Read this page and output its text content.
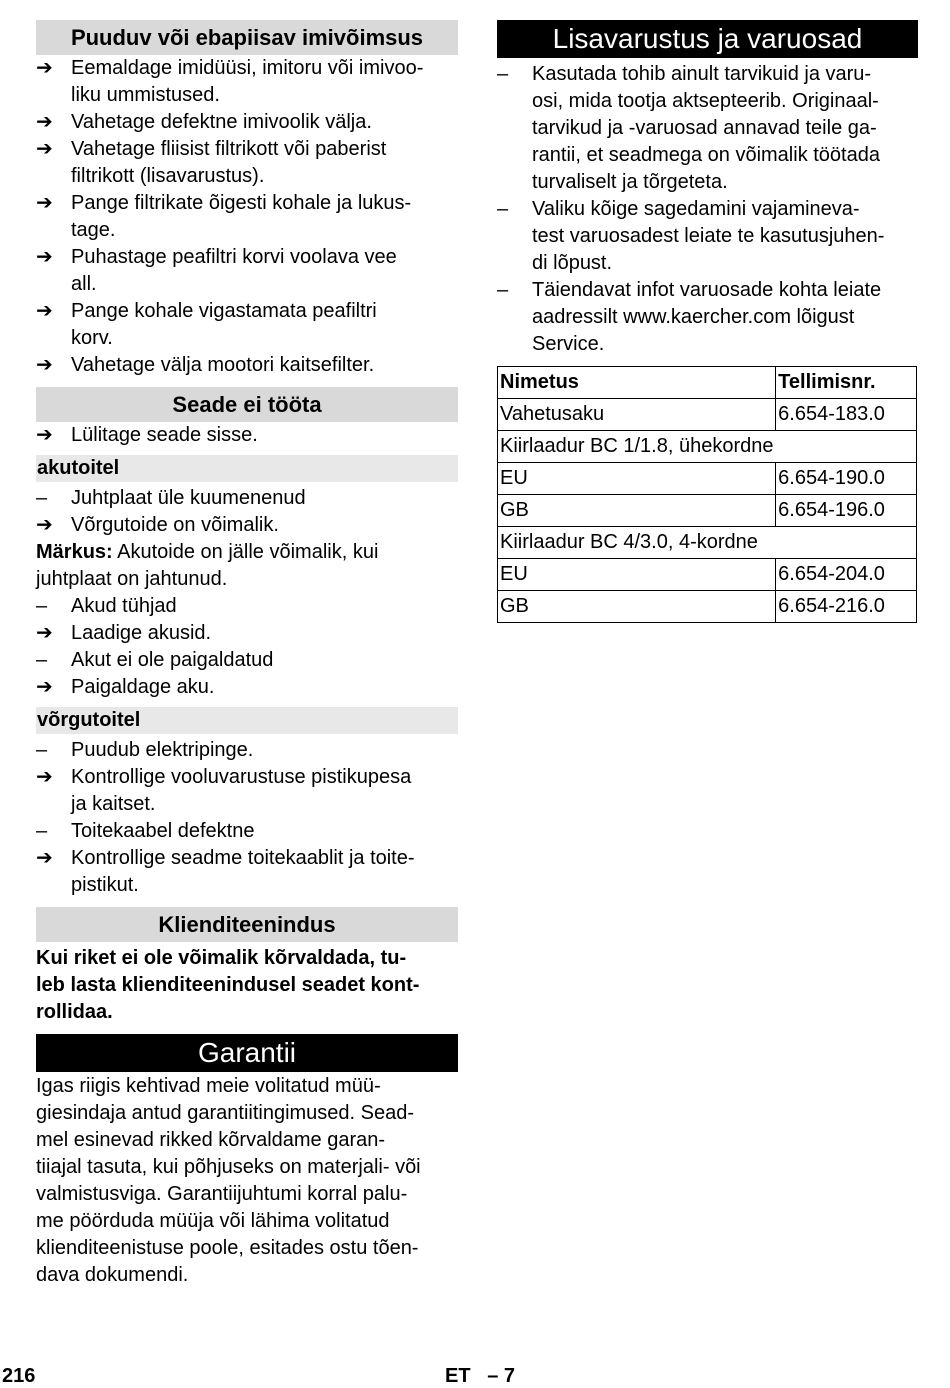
Puuduv või ebapiisav imivõimsus
➔ Eemaldage imidüüsi, imitoru või imivoo-
liku ummistused.
➔ Vahetage defektne imivoolik välja.
➔ Vahetage fliisist filtrikott või paberist
filtrikott (lisavarustus).
➔ Pange filtrikate õigesti kohale ja lukus-
tage.
➔ Puhastage peafiltri korvi voolava vee
all.
➔ Pange kohale vigastamata peafiltri
korv.
➔ Vahetage välja mootori kaitsefilter.
Seade ei tööta
➔ Lülitage seade sisse.
akutoitel
–	Juhtplaat üle kuumenenud
➔ Võrgutoide on võimalik.

Märkus: Akutoide on jälle võimalik, kui
juhtplaat on jahtunud.

–	Akud tühjad
➔ Laadige akusid.
–	Akut ei ole paigaldatud
➔ Paigaldage aku.
võrgutoitel
–	Puudub elektripinge.
➔ Kontrollige vooluvarustuse pistikupesa
ja kaitset.
–	Toitekaabel defektne
➔ Kontrollige seadme toitekaablit ja toite-
pistikut.
Klienditeenindus

Kui riket ei ole võimalik kõrvaldada, tu-
leb lasta klienditeenindusel seadet kont-
rollidaa.

Garantii

Igas riigis kehtivad meie volitatud müü-
giesindaja antud garantiitingimused. Sead-
mel esinevad rikked kõrvaldame garan-
tiiajal tasuta, kui põhjuseks on materjali- või
valmistusviga. Garantiijuhtumi korral palu-
me pöörduda müüja või lähima volitatud
klienditeenistuse poole, esitades ostu tõen-
dava dokumendi.

Lisavarustus ja varuosad
–	Kasutada tohib ainult tarvikuid ja varu-
osi, mida tootja aktsepteerib. Originaal-
tarvikud ja -varuosad annavad teile ga-
rantii, et seadmega on võimalik töötada
turvaliselt ja tõrgeteta.
–	Valiku kõige sagedamini vajamineva-
test varuosadest leiate te kasutusjuhen-
di lõpust.
–	Täiendavat infot varuosade kohta leiate
aadressilt www.kaercher.com lõigust
Service.
Nimetus	Tellimisnr.
Vahetusaku	6.654-183.0
Kiirlaadur BC 1/1.8, ühekordne	
EU	6.654-190.0
GB	6.654-196.0
Kiirlaadur BC 4/3.0, 4-kordne	
EU	6.654-204.0
GB	6.654-216.0
216	ET   – 7
